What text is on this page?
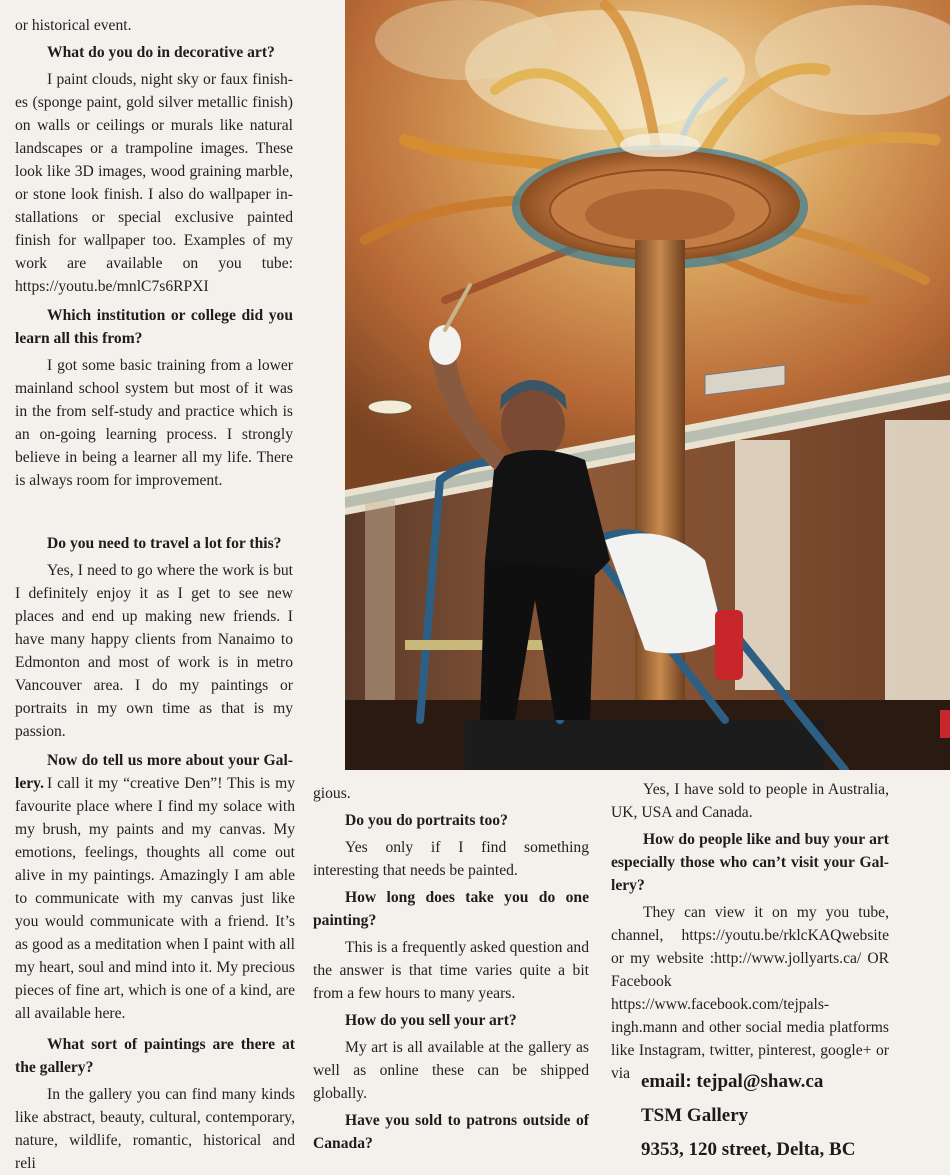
or historical event.

What do you do in decorative art?

I paint clouds, night sky or faux finishes (sponge paint, gold silver metallic finish) on walls or ceilings or murals like natural landscapes or a trampoline images. These look like 3D images, wood graining marble, or stone look finish. I also do wallpaper installations or special exclusive painted finish for wallpaper too. Examples of my work are available on you tube: https://youtu.be/mnlC7s6RPXI

Which institution or college did you learn all this from?

I got some basic training from a lower mainland school system but most of it was in the from self-study and practice which is an on-going learning process. I strongly believe in being a learner all my life. There is always room for improvement.

Do you need to travel a lot for this?

Yes, I need to go where the work is but I definitely enjoy it as I get to see new places and end up making new friends. I have many happy clients from Nanaimo to Edmonton and most of work is in metro Vancouver area. I do my paintings or portraits in my own time as that is my passion.

Now do tell us more about your Gallery. I call it my “creative Den”! This is my favourite place where I find my solace with my brush, my paints and my canvas. My emotions, feelings, thoughts all come out alive in my paintings. Amazingly I am able to communicate with my canvas just like you would communicate with a friend. It’s as good as a meditation when I paint with all my heart, soul and mind into it. My precious pieces of fine art, which is one of a kind, are all available here.

What sort of paintings are there at the gallery?

In the gallery you can find many kinds like abstract, beauty, cultural, contemporary, nature, wildlife, romantic, historical and reli

gious.

Do you do portraits too?

Yes only if I find something interesting that needs be painted.

How long does take you do one painting?

This is a frequently asked question and the answer is that time varies quite a bit from a few hours to many years.

How do you sell your art?

My art is all available at the gallery as well as online these can be shipped globally.

Have you sold to patrons outside of Canada?

Yes, I have sold to people in Australia, UK, USA and Canada.

How do people like and buy your art especially those who can’t visit your Gallery?

They can view it on my you tube, channel, https://youtu.be/rklcKAQwebsite or my website :http://www.jollyarts.ca/ OR Facebook https://www.facebook.com/tejpalsingh.mann and other social media platforms like Instagram, twitter, pinterest, google+ or via email: tejpal@shaw.ca
TSM Gallery
9353, 120 street, Delta, BC
